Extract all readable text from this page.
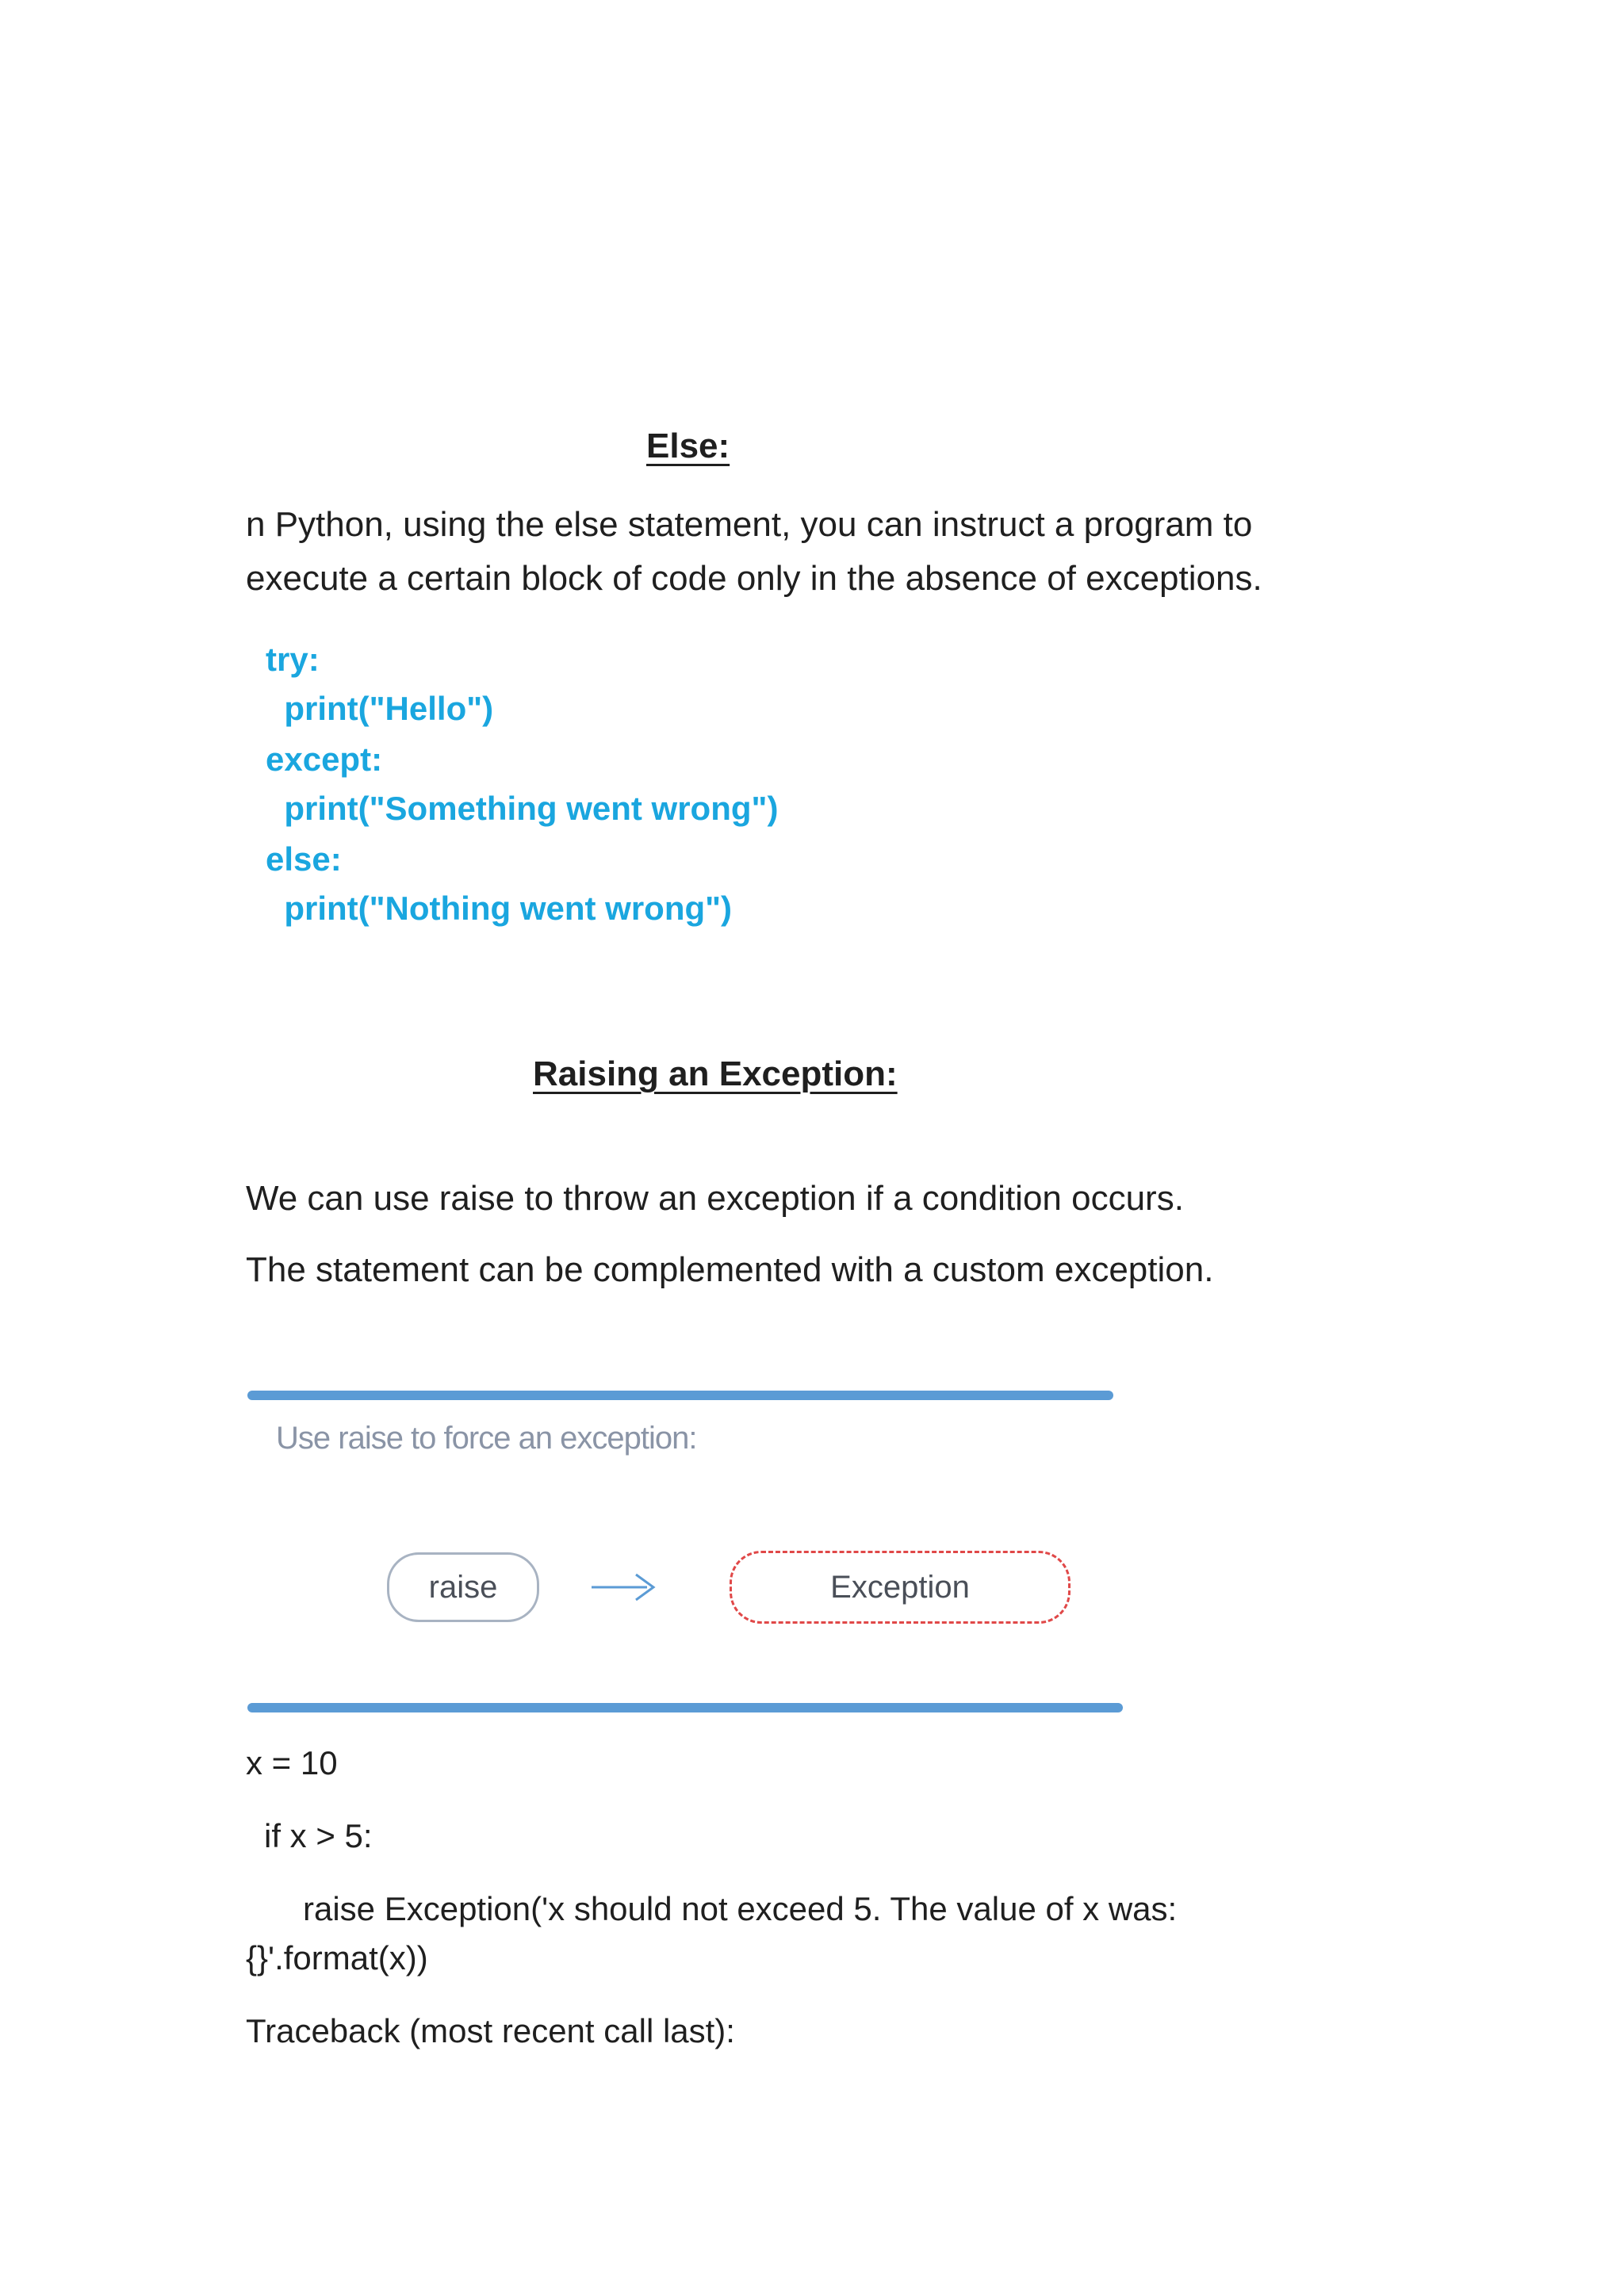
Else:
n Python, using the else statement, you can instruct a program to
execute a certain block of code only in the absence of exceptions.
try:
print("Hello")
except:
print("Something went wrong")
else:
print("Nothing went wrong")
Raising an Exception:
We can use raise to throw an exception if a condition occurs.
The statement can be complemented with a custom exception.
Use raise to force an exception:
raise	Exception
x = 10
if x > 5:
raise Exception('x should not exceed 5. The value of x was:
{}'.format(x))
Traceback (most recent call last):
